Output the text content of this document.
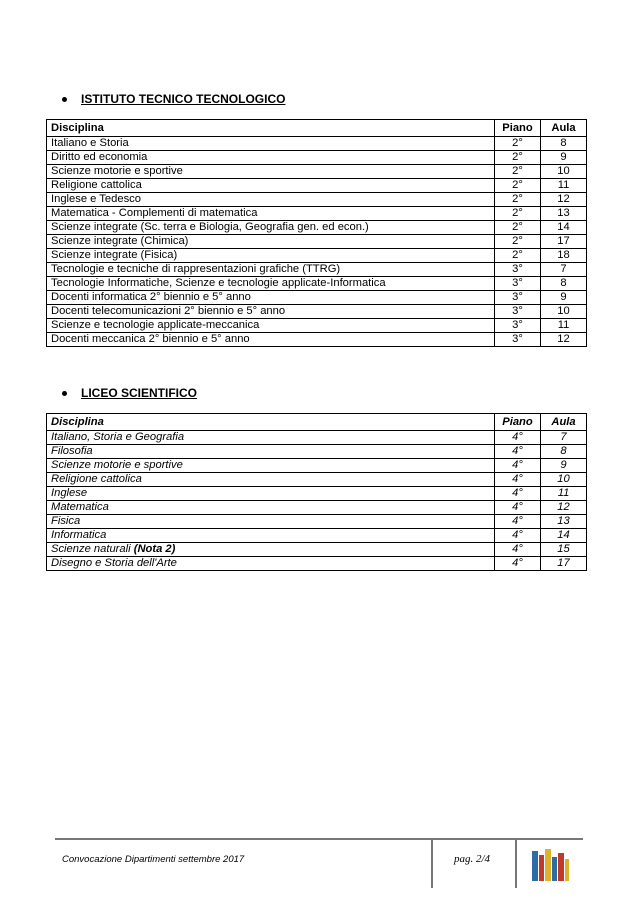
ISTITUTO TECNICO TECNOLOGICO
Disciplina	Piano	Aula
Italiano e Storia	2°	8
Diritto ed economia	2°	9
Scienze motorie e sportive	2°	10
Religione cattolica	2°	11
Inglese e Tedesco	2°	12
Matematica - Complementi di matematica	2°	13
Scienze integrate (Sc. terra e Biologia, Geografia gen. ed econ.)	2°	14
Scienze integrate (Chimica)	2°	17
Scienze integrate (Fisica)	2°	18
Tecnologie e tecniche di rappresentazioni grafiche (TTRG)	3°	7
Tecnologie Informatiche, Scienze e tecnologie applicate-Informatica	3°	8
Docenti informatica 2° biennio e 5° anno	3°	9
Docenti telecomunicazioni 2° biennio e 5° anno	3°	10
Scienze e tecnologie applicate-meccanica	3°	11
Docenti meccanica 2° biennio e 5° anno	3°	12
LICEO SCIENTIFICO
Disciplina	Piano	Aula
Italiano, Storia e Geografia	4°	7
Filosofia	4°	8
Scienze motorie e sportive	4°	9
Religione cattolica	4°	10
Inglese	4°	11
Matematica	4°	12
Fisica	4°	13
Informatica	4°	14
Scienze naturali (Nota 2)	4°	15
Disegno e Storia dell'Arte	4°	17
Convocazione Dipartimenti settembre 2017	pag. 2/4
